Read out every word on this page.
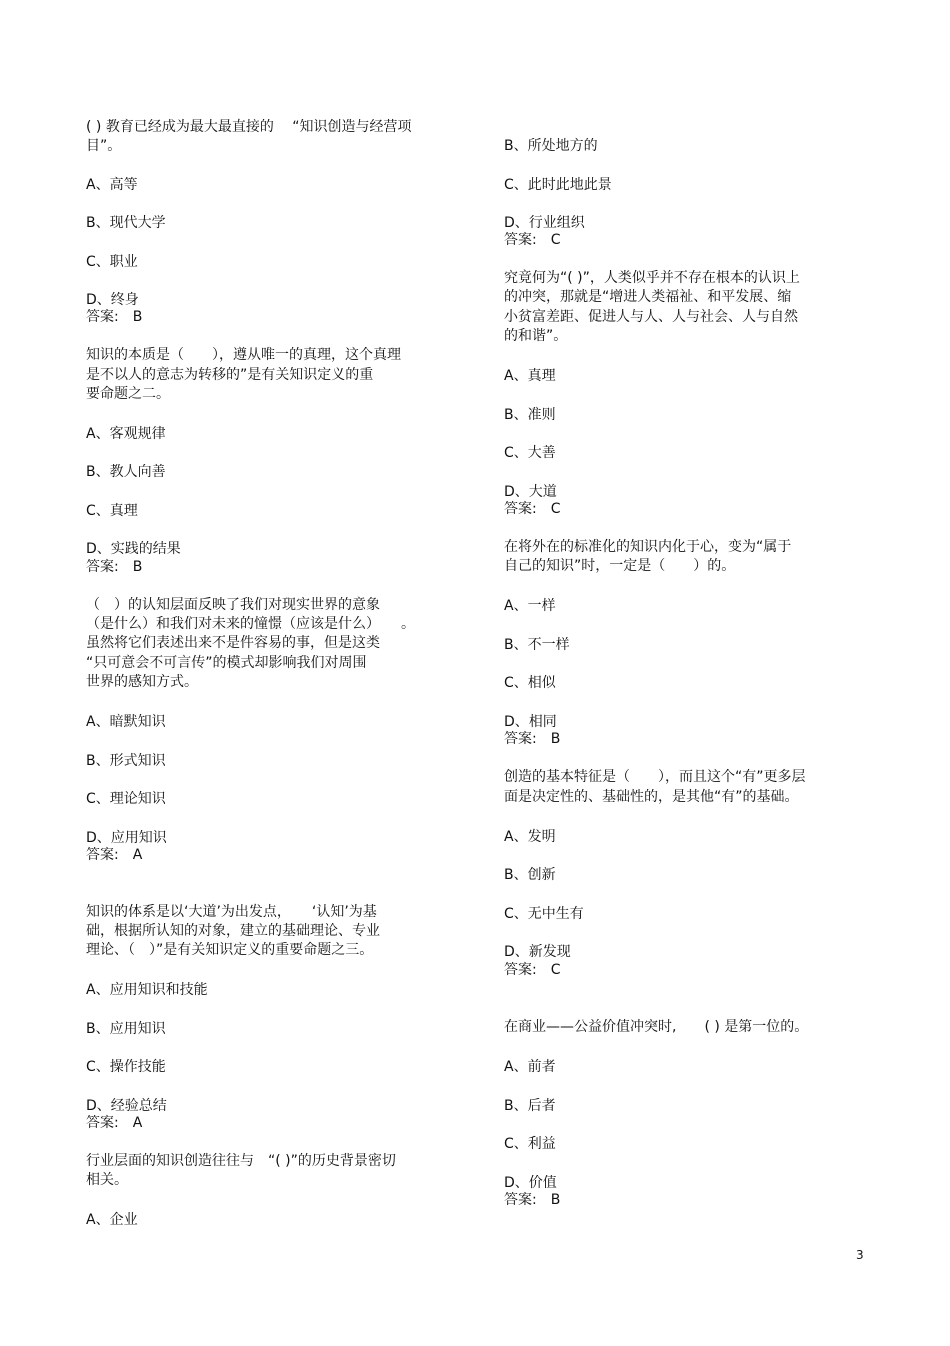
( ) 教育已经成为最大最直接的　 “知识创造与经营项
目”。
A、高等
B、现代大学
C、职业
D、终身
答案:　B
知识的本质是（　　），遵从唯一的真理，这个真理
是不以人的意志为转移的”是有关知识定义的重
要命题之二。
A、客观规律
B、教人向善
C、真理
D、实践的结果
答案:　B
（　）的认知层面反映了我们对现实世界的意象
（是什么）和我们对未来的憧憬（应该是什么）　　。
虽然将它们表述出来不是件容易的事，但是这类
“只可意会不可言传”的模式却影响我们对周围
世界的感知方式。
A、暗默知识
B、形式知识
C、理论知识
D、应用知识
答案:　A
知识的体系是以‘大道’为出发点，　　‘认知’为基
础，根据所认知的对象，建立的基础理论、专业
理论、（　）”是有关知识定义的重要命题之三。
A、应用知识和技能
B、应用知识
C、操作技能
D、经验总结
答案:　A
行业层面的知识创造往往与　“( )”的历史背景密切
相关。
A、企业
B、所处地方的
C、此时此地此景
D、行业组织
答案:　C
究竟何为“( )”，人类似乎并不存在根本的认识上
的冲突，那就是“增进人类福祉、和平发展、缩
小贫富差距、促进人与人、人与社会、人与自然
的和谐”。
A、真理
B、准则
C、大善
D、大道
答案:　C
在将外在的标准化的知识内化于心，变为“属于
自己的知识”时，一定是（　　）的。
A、一样
B、不一样
C、相似
D、相同
答案:　B
创造的基本特征是（　　），而且这个“有”更多层
面是决定性的、基础性的，是其他“有”的基础。
A、发明
B、创新
C、无中生有
D、新发现
答案:　C
在商业——公益价值冲突时,　　( ) 是第一位的。
A、前者
B、后者
C、利益
D、价值
答案:　B
3
